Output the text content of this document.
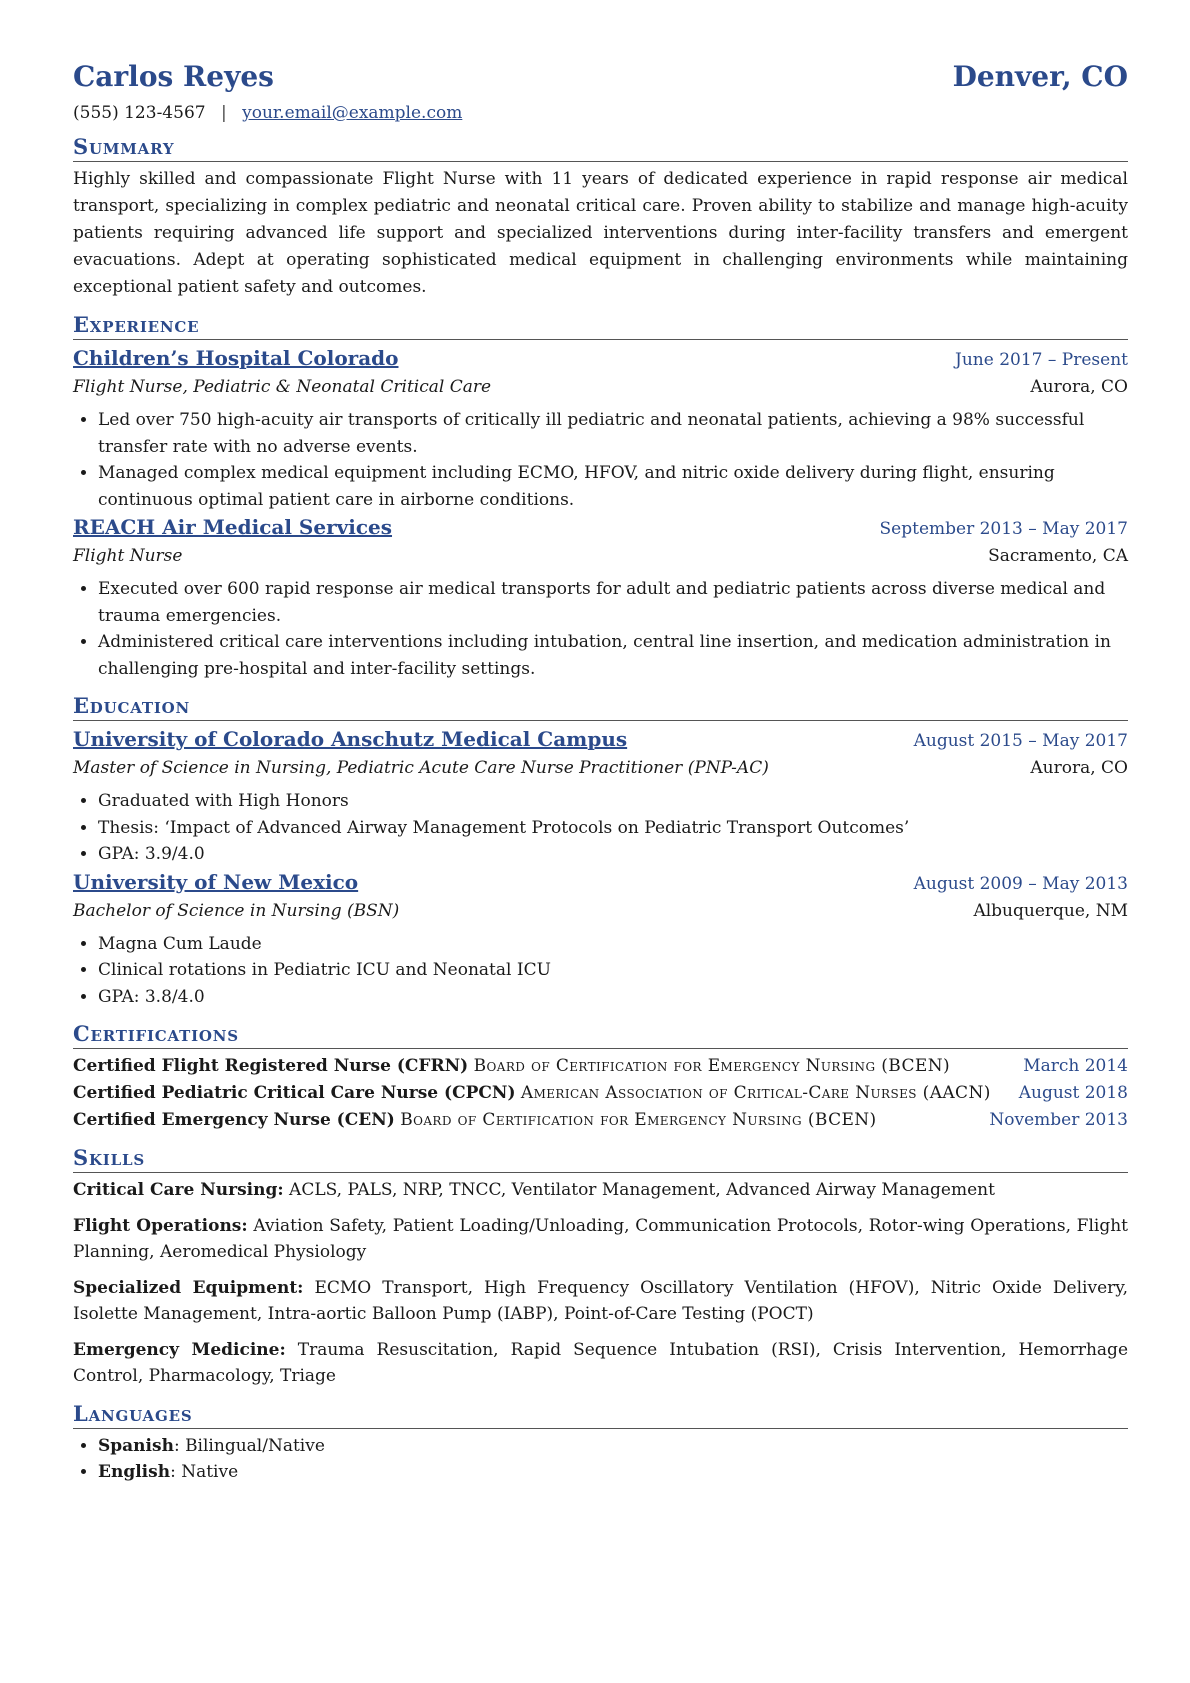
Carlos Reyes	Denver, CO
(555) 123-4567 | your.email@example.com
Summary

Highly skilled and compassionate Flight Nurse with 11 years of dedicated experience in rapid response air medical transport, specializing in complex pediatric and neonatal critical care. Proven ability to stabilize and manage high-acuity patients requiring advanced life support and specialized interventions during inter-facility transfers and emergent evacuations. Adept at operating sophisticated medical equipment in challenging environments while maintaining exceptional patient safety and outcomes.

Experience
Children’s Hospital Colorado	June 2017 – Present
Flight Nurse, Pediatric & Neonatal Critical Care	Aurora, CO
• Led over 750 high-acuity air transports of critically ill pediatric and neonatal patients, achieving a 98% successful transfer rate with no adverse events.
• Managed complex medical equipment including ECMO, HFOV, and nitric oxide delivery during flight, ensuring continuous optimal patient care in airborne conditions.
REACH Air Medical Services	September 2013 – May 2017
Flight Nurse	Sacramento, CA
• Executed over 600 rapid response air medical transports for adult and pediatric patients across diverse medical and trauma emergencies.
• Administered critical care interventions including intubation, central line insertion, and medication administration in challenging pre-hospital and inter-facility settings.
Education
University of Colorado Anschutz Medical Campus	August 2015 – May 2017
Master of Science in Nursing, Pediatric Acute Care Nurse Practitioner (PNP-AC)	Aurora, CO
• Graduated with High Honors
• Thesis: ‘Impact of Advanced Airway Management Protocols on Pediatric Transport Outcomes’
• GPA: 3.9/4.0
University of New Mexico	August 2009 – May 2013
Bachelor of Science in Nursing (BSN)	Albuquerque, NM
• Magna Cum Laude
• Clinical rotations in Pediatric ICU and Neonatal ICU
• GPA: 3.8/4.0
Certifications
Certified Flight Registered Nurse (CFRN) Board of Certification for Emergency Nursing (BCEN)	March 2014
Certified Pediatric Critical Care Nurse (CPCN) American Association of Critical-Care Nurses (AACN)	August 2018
Certified Emergency Nurse (CEN) Board of Certification for Emergency Nursing (BCEN)	November 2013
Skills
Critical Care Nursing: ACLS, PALS, NRP, TNCC, Ventilator Management, Advanced Airway Management
Flight Operations: Aviation Safety, Patient Loading/Unloading, Communication Protocols, Rotor-wing Operations, Flight Planning, Aeromedical Physiology
Specialized Equipment: ECMO Transport, High Frequency Oscillatory Ventilation (HFOV), Nitric Oxide Delivery, Isolette Management, Intra-aortic Balloon Pump (IABP), Point-of-Care Testing (POCT)
Emergency Medicine: Trauma Resuscitation, Rapid Sequence Intubation (RSI), Crisis Intervention, Hemorrhage Control, Pharmacology, Triage
Languages
• Spanish: Bilingual/Native
• English: Native
